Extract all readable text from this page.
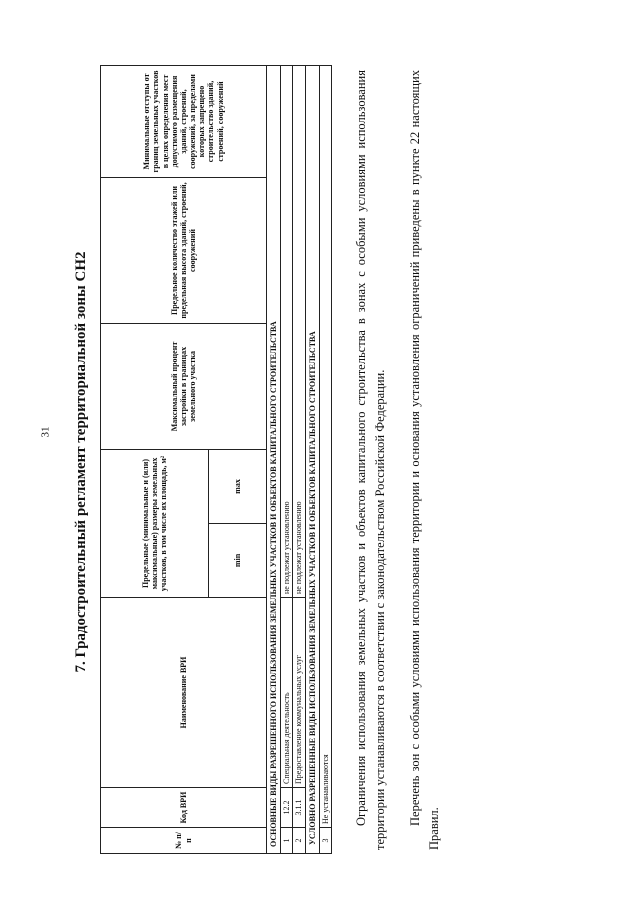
31 7. Градостроительный регламент территориальной зоны СН2
№ п/п	Код ВРИ	Наименование ВРИ	Предельные (минимальные и (или) максимальные) размеры земельных участков, в том числе их площадь, м²		Максимальный процент застройки в границах земельного участка	Предельное количество этажей или предельная высота зданий, строений, сооружений	Минимальные отступы от границ земельных участков в целях определения мест допустимого размещения зданий, строений, сооружений, за пределами которых запрещено строительство зданий, строений, сооружений
			min	max			
ОСНОВНЫЕ ВИДЫ РАЗРЕШЕННОГО ИСПОЛЬЗОВАНИЯ ЗЕМЕЛЬНЫХ УЧАСТКОВ И ОБЪЕКТОВ КАПИТАЛЬНОГО СТРОИТЕЛЬСТВА							
1	12.2	Специальная деятельность	не подлежат установлению				
2	3.1.1	Предоставление коммунальных услуг	не подлежат установлению				
УСЛОВНО РАЗРЕШЕННЫЕ ВИДЫ ИСПОЛЬЗОВАНИЯ ЗЕМЕЛЬНЫХ УЧАСТКОВ И ОБЪЕКТОВ КАПИТАЛЬНОГО СТРОИТЕЛЬСТВА							
3	Не устанавливаются						Ограничения использования земельных участков и объектов капитального строительства в зонах с особыми условиями использования территории устанавливаются в соответствии с законодательством Российской Федерации. Перечень зон с особыми условиями использования территории и основания установления ограничений приведены в пункте 22 настоящих Правил.
